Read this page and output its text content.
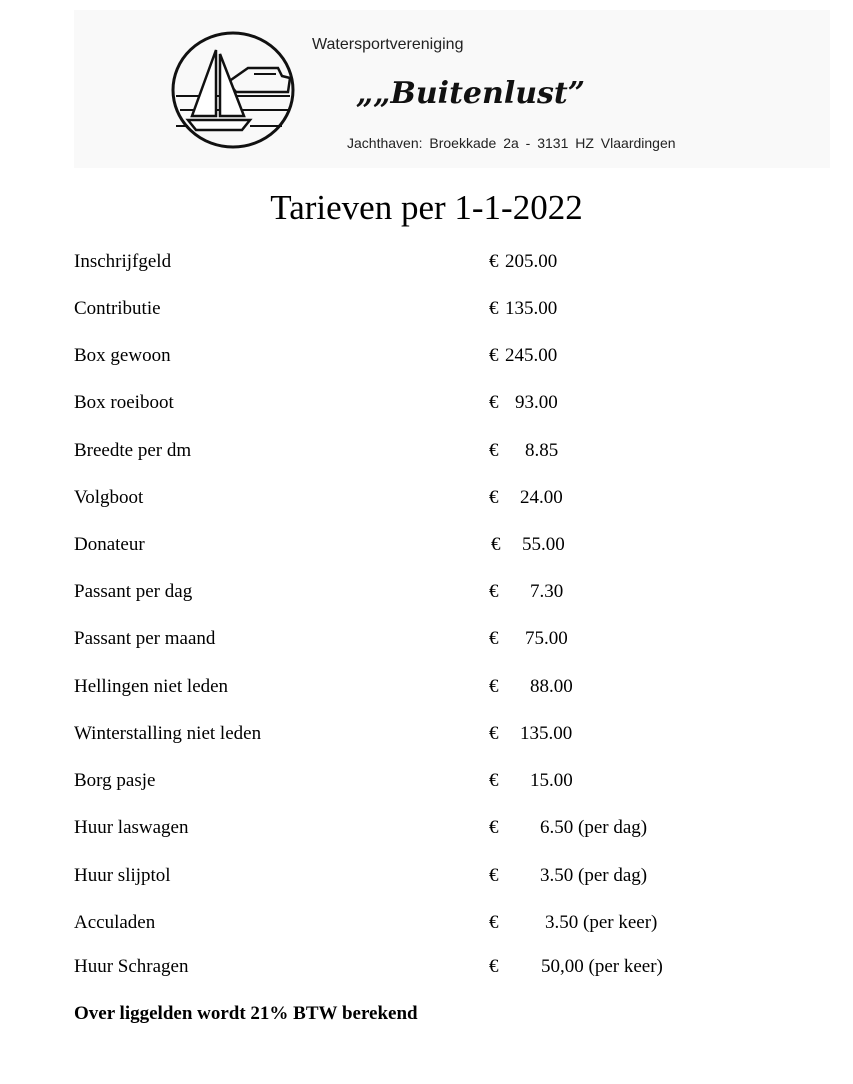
Watersportvereniging
„„Buitenlust”
Jachthaven: Broekkade 2a - 3131 HZ Vlaardingen
Tarieven per 1-1-2022
Inschrijfgeld	€ 205.00
Contributie	€ 135.00
Box gewoon	€ 245.00
Box roeiboot	€ 93.00
Breedte per dm	€ 8.85
Volgboot	€ 24.00
Donateur	€ 55.00
Passant per dag	€ 7.30
Passant per maand	€ 75.00
Hellingen niet leden	€ 88.00
Winterstalling niet leden	€ 135.00
Borg pasje	€ 15.00
Huur laswagen	€ 6.50 (per dag)
Huur slijptol	€ 3.50 (per dag)
Acculaden	€ 3.50 (per keer)
Huur Schragen	€ 50,00 (per keer)
Over liggelden wordt 21% BTW berekend
